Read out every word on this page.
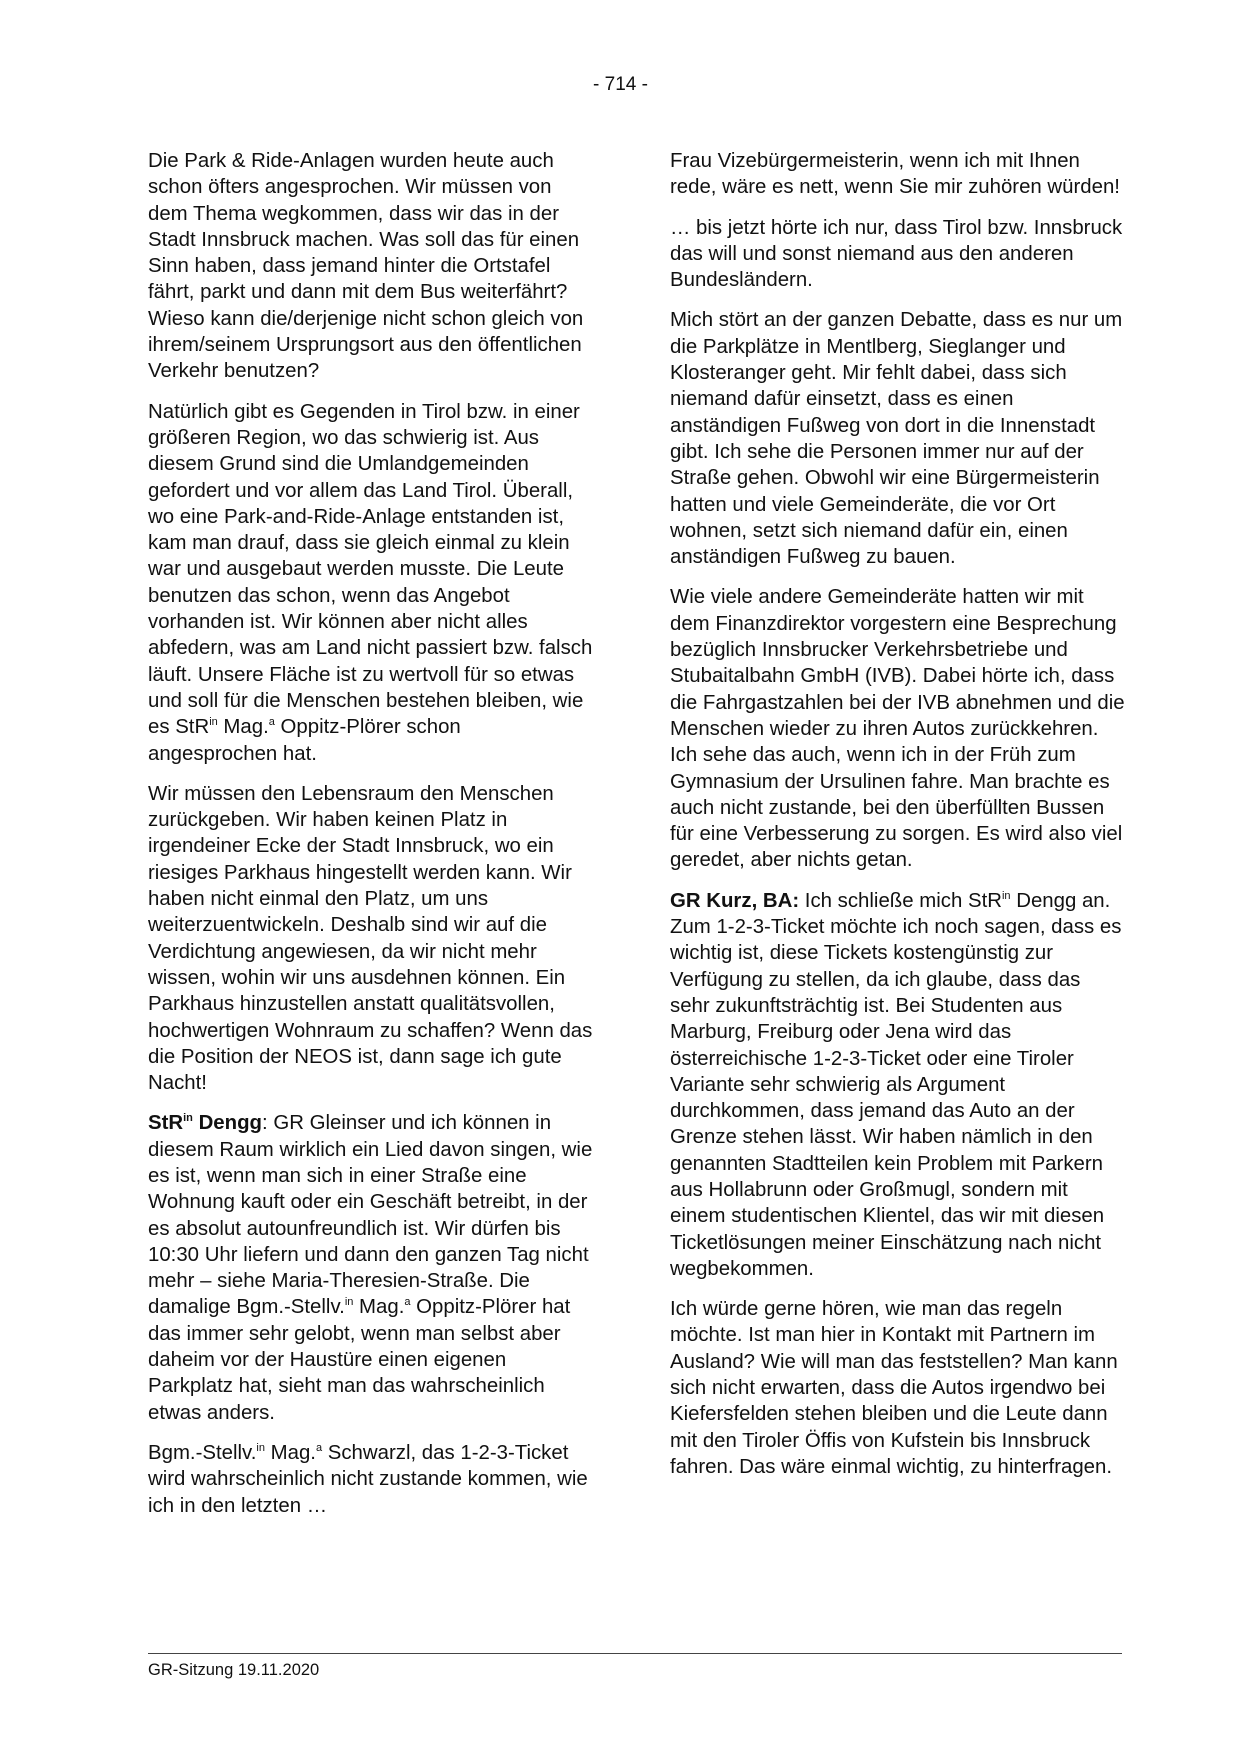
- 714 -

Die Park & Ride-Anlagen wurden heute auch schon öfters angesprochen. Wir müssen von dem Thema wegkommen, dass wir das in der Stadt Innsbruck machen. Was soll das für einen Sinn haben, dass jemand hinter die Ortstafel fährt, parkt und dann mit dem Bus weiterfährt? Wieso kann die/derjenige nicht schon gleich von ihrem/seinem Ursprungsort aus den öffentlichen Verkehr benutzen?

Natürlich gibt es Gegenden in Tirol bzw. in einer größeren Region, wo das schwierig ist. Aus diesem Grund sind die Umlandgemeinden gefordert und vor allem das Land Tirol. Überall, wo eine Park-and-Ride-Anlage entstanden ist, kam man drauf, dass sie gleich einmal zu klein war und ausgebaut werden musste. Die Leute benutzen das schon, wenn das Angebot vorhanden ist. Wir können aber nicht alles abfedern, was am Land nicht passiert bzw. falsch läuft. Unsere Fläche ist zu wertvoll für so etwas und soll für die Menschen bestehen bleiben, wie es StR$^{in}$ Mag.$^a$ Oppitz-Plörer schon angesprochen hat.

Wir müssen den Lebensraum den Menschen zurückgeben. Wir haben keinen Platz in irgendeiner Ecke der Stadt Innsbruck, wo ein riesiges Parkhaus hingestellt werden kann. Wir haben nicht einmal den Platz, um uns weiterzuentwickeln. Deshalb sind wir auf die Verdichtung angewiesen, da wir nicht mehr wissen, wohin wir uns ausdehnen können. Ein Parkhaus hinzustellen anstatt qualitätsvollen, hochwertigen Wohnraum zu schaffen? Wenn das die Position der NEOS ist, dann sage ich gute Nacht!

StR$^{in}$ Dengg: GR Gleinser und ich können in diesem Raum wirklich ein Lied davon singen, wie es ist, wenn man sich in einer Straße eine Wohnung kauft oder ein Geschäft betreibt, in der es absolut autounfreundlich ist. Wir dürfen bis 10:30 Uhr liefern und dann den ganzen Tag nicht mehr – siehe Maria-Theresien-Straße. Die damalige Bgm.-Stellv.$^{in}$ Mag.$^a$ Oppitz-Plörer hat das immer sehr gelobt, wenn man selbst aber daheim vor der Haustüre einen eigenen Parkplatz hat, sieht man das wahrscheinlich etwas anders.

Bgm.-Stellv.$^{in}$ Mag.$^a$ Schwarzl, das 1-2-3-Ticket wird wahrscheinlich nicht zustande kommen, wie ich in den letzten …

Frau Vizebürgermeisterin, wenn ich mit Ihnen rede, wäre es nett, wenn Sie mir zuhören würden!

… bis jetzt hörte ich nur, dass Tirol bzw. Innsbruck das will und sonst niemand aus den anderen Bundesländern.

Mich stört an der ganzen Debatte, dass es nur um die Parkplätze in Mentlberg, Sieglanger und Klosteranger geht. Mir fehlt dabei, dass sich niemand dafür einsetzt, dass es einen anständigen Fußweg von dort in die Innenstadt gibt. Ich sehe die Personen immer nur auf der Straße gehen. Obwohl wir eine Bürgermeisterin hatten und viele Gemeinderäte, die vor Ort wohnen, setzt sich niemand dafür ein, einen anständigen Fußweg zu bauen.

Wie viele andere Gemeinderäte hatten wir mit dem Finanzdirektor vorgestern eine Besprechung bezüglich Innsbrucker Verkehrsbetriebe und Stubaitalbahn GmbH (IVB). Dabei hörte ich, dass die Fahrgastzahlen bei der IVB abnehmen und die Menschen wieder zu ihren Autos zurückkehren. Ich sehe das auch, wenn ich in der Früh zum Gymnasium der Ursulinen fahre. Man brachte es auch nicht zustande, bei den überfüllten Bussen für eine Verbesserung zu sorgen. Es wird also viel geredet, aber nichts getan.

GR Kurz, BA: Ich schließe mich StR$^{in}$ Dengg an. Zum 1-2-3-Ticket möchte ich noch sagen, dass es wichtig ist, diese Tickets kostengünstig zur Verfügung zu stellen, da ich glaube, dass das sehr zukunftsträchtig ist. Bei Studenten aus Marburg, Freiburg oder Jena wird das österreichische 1-2-3-Ticket oder eine Tiroler Variante sehr schwierig als Argument durchkommen, dass jemand das Auto an der Grenze stehen lässt. Wir haben nämlich in den genannten Stadtteilen kein Problem mit Parkern aus Hollabrunn oder Großmugl, sondern mit einem studentischen Klientel, das wir mit diesen Ticketlösungen meiner Einschätzung nach nicht wegbekommen.

Ich würde gerne hören, wie man das regeln möchte. Ist man hier in Kontakt mit Partnern im Ausland? Wie will man das feststellen? Man kann sich nicht erwarten, dass die Autos irgendwo bei Kiefersfelden stehen bleiben und die Leute dann mit den Tiroler Öffis von Kufstein bis Innsbruck fahren. Das wäre einmal wichtig, zu hinterfragen.

GR-Sitzung 19.11.2020
